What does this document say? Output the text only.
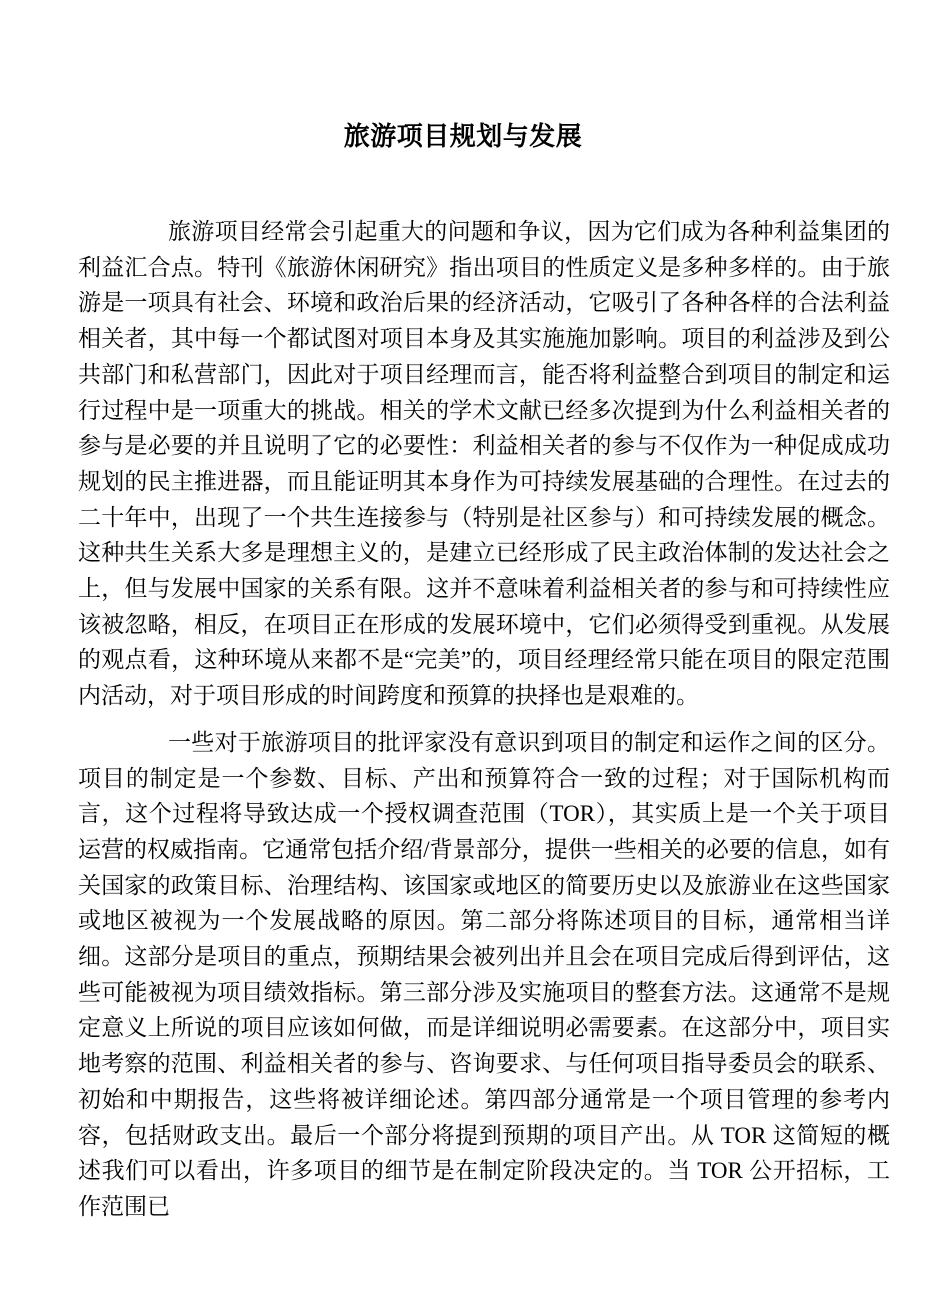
旅游项目规划与发展

旅游项目经常会引起重大的问题和争议，因为它们成为各种利益集团的利益汇合点。特刊《旅游休闲研究》指出项目的性质定义是多种多样的。由于旅游是一项具有社会、环境和政治后果的经济活动，它吸引了各种各样的合法利益相关者，其中每一个都试图对项目本身及其实施施加影响。项目的利益涉及到公共部门和私营部门，因此对于项目经理而言，能否将利益整合到项目的制定和运行过程中是一项重大的挑战。相关的学术文献已经多次提到为什么利益相关者的参与是必要的并且说明了它的必要性：利益相关者的参与不仅作为一种促成成功规划的民主推进器，而且能证明其本身作为可持续发展基础的合理性。在过去的二十年中，出现了一个共生连接参与（特别是社区参与）和可持续发展的概念。这种共生关系大多是理想主义的，是建立已经形成了民主政治体制的发达社会之上，但与发展中国家的关系有限。这并不意味着利益相关者的参与和可持续性应该被忽略，相反，在项目正在形成的发展环境中，它们必须得受到重视。从发展的观点看，这种环境从来都不是“完美”的，项目经理经常只能在项目的限定范围内活动，对于项目形成的时间跨度和预算的抉择也是艰难的。

一些对于旅游项目的批评家没有意识到项目的制定和运作之间的区分。项目的制定是一个参数、目标、产出和预算符合一致的过程；对于国际机构而言，这个过程将导致达成一个授权调查范围（TOR），其实质上是一个关于项目运营的权威指南。它通常包括介绍/背景部分，提供一些相关的必要的信息，如有关国家的政策目标、治理结构、该国家或地区的简要历史以及旅游业在这些国家或地区被视为一个发展战略的原因。第二部分将陈述项目的目标，通常相当详细。这部分是项目的重点，预期结果会被列出并且会在项目完成后得到评估，这些可能被视为项目绩效指标。第三部分涉及实施项目的整套方法。这通常不是规定意义上所说的项目应该如何做，而是详细说明必需要素。在这部分中，项目实地考察的范围、利益相关者的参与、咨询要求、与任何项目指导委员会的联系、初始和中期报告，这些将被详细论述。第四部分通常是一个项目管理的参考内容，包括财政支出。最后一个部分将提到预期的项目产出。从 TOR 这简短的概述我们可以看出，许多项目的细节是在制定阶段决定的。当 TOR 公开招标，工作范围已
